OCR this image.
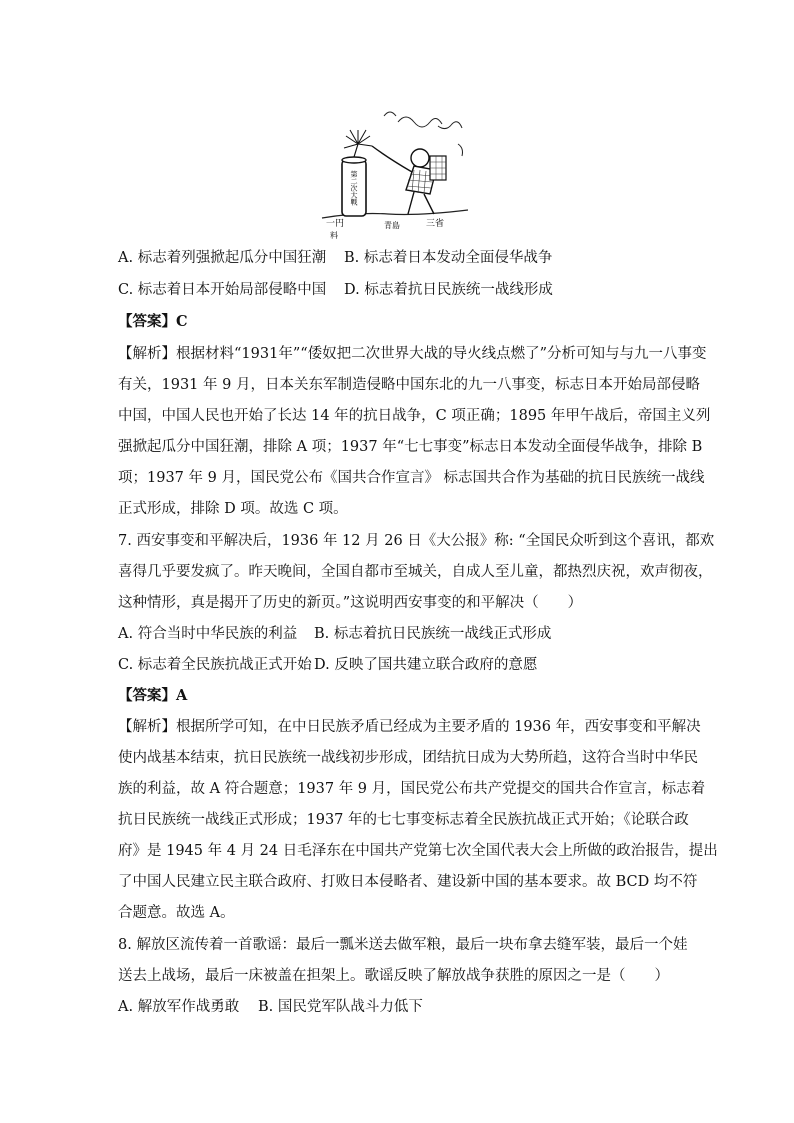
第二次大戰
一円	青島	三省
料
A. 标志着列强掀起瓜分中国狂潮 B. 标志着日本发动全面侵华战争
C. 标志着日本开始局部侵略中国 D. 标志着抗日民族统一战线形成
【答案】C
【解析】根据材料“1931年”“倭奴把二次世界大战的导火线点燃了”分析可知与与九一八事变
有关，1931 年 9 月，日本关东军制造侵略中国东北的九一八事变，标志日本开始局部侵略
中国，中国人民也开始了长达 14 年的抗日战争，C 项正确；1895 年甲午战后，帝国主义列
强掀起瓜分中国狂潮，排除 A 项；1937 年“七七事变”标志日本发动全面侵华战争，排除 B
项；1937 年 9 月，国民党公布《国共合作宣言》 标志国共合作为基础的抗日民族统一战线
正式形成，排除 D 项。故选 C 项。
7. 西安事变和平解决后，1936 年 12 月 26 日《大公报》称: “全国民众听到这个喜讯，都欢
喜得几乎要发疯了。昨天晚间，全国自都市至城关，自成人至儿童，都热烈庆祝，欢声彻夜，
这种情形，真是揭开了历史的新页。”这说明西安事变的和平解决（　　）
A. 符合当时中华民族的利益 B. 标志着抗日民族统一战线正式形成
C. 标志着全民族抗战正式开始 D. 反映了国共建立联合政府的意愿
【答案】A
【解析】根据所学可知，在中日民族矛盾已经成为主要矛盾的 1936 年，西安事变和平解决
使内战基本结束，抗日民族统一战线初步形成，团结抗日成为大势所趋，这符合当时中华民
族的利益，故 A 符合题意；1937 年 9 月，国民党公布共产党提交的国共合作宣言，标志着
抗日民族统一战线正式形成；1937 年的七七事变标志着全民族抗战正式开始；《论联合政
府》是 1945 年 4 月 24 日毛泽东在中国共产党第七次全国代表大会上所做的政治报告，提出
了中国人民建立民主联合政府、打败日本侵略者、建设新中国的基本要求。故 BCD 均不符
合题意。故选 A。
8. 解放区流传着一首歌谣：最后一瓢米送去做军粮，最后一块布拿去缝军装，最后一个娃
送去上战场，最后一床被盖在担架上。歌谣反映了解放战争获胜的原因之一是（　　）
A. 解放军作战勇敢 B. 国民党军队战斗力低下
